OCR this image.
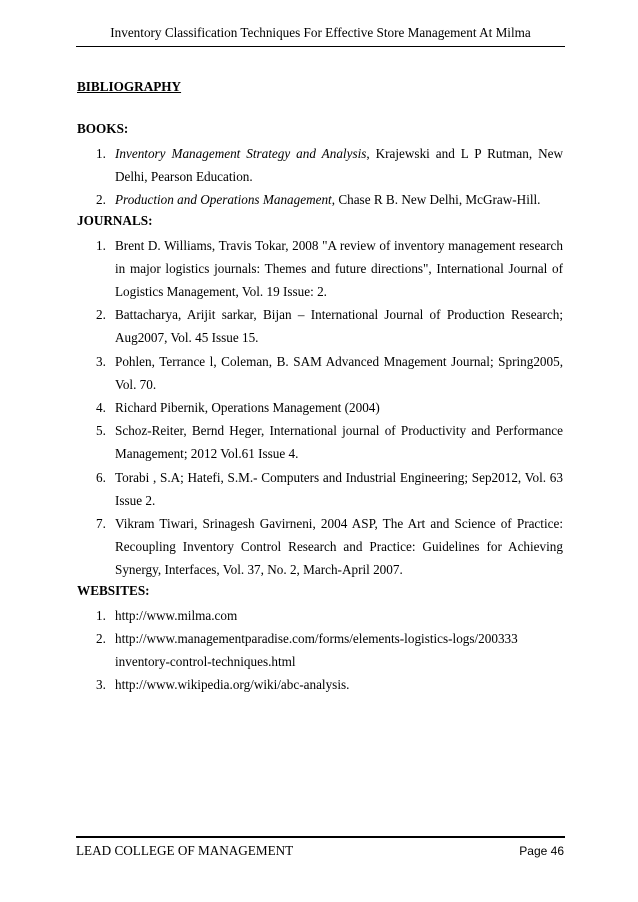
Inventory Classification Techniques For Effective Store Management At Milma

BIBLIOGRAPHY

BOOKS:

1. Inventory Management Strategy and Analysis, Krajewski and L P Rutman, New Delhi, Pearson Education.
2. Production and Operations Management, Chase R B. New Delhi, McGraw-Hill.

JOURNALS:

1. Brent D. Williams, Travis Tokar, 2008 "A review of inventory management research in major logistics journals: Themes and future directions", International Journal of Logistics Management, Vol. 19 Issue: 2.
2. Battacharya, Arijit sarkar, Bijan – International Journal of Production Research; Aug2007, Vol. 45 Issue 15.
3. Pohlen, Terrance l, Coleman, B. SAM Advanced Mnagement Journal; Spring2005, Vol. 70.
4. Richard Pibernik, Operations Management (2004)
5. Schoz-Reiter, Bernd Heger, International journal of Productivity and Performance Management; 2012 Vol.61 Issue 4.
6. Torabi , S.A; Hatefi, S.M.- Computers and Industrial Engineering; Sep2012, Vol. 63 Issue 2.
7. Vikram Tiwari, Srinagesh Gavirneni, 2004 ASP, The Art and Science of Practice: Recoupling Inventory Control Research and Practice: Guidelines for Achieving Synergy, Interfaces, Vol. 37, No. 2, March-April 2007.

WEBSITES:

1. http://www.milma.com
2. http://www.managementparadise.com/forms/elements-logistics-logs/200333 inventory-control-techniques.html
3. http://www.wikipedia.org/wiki/abc-analysis.
LEAD COLLEGE OF MANAGEMENT	Page 46
